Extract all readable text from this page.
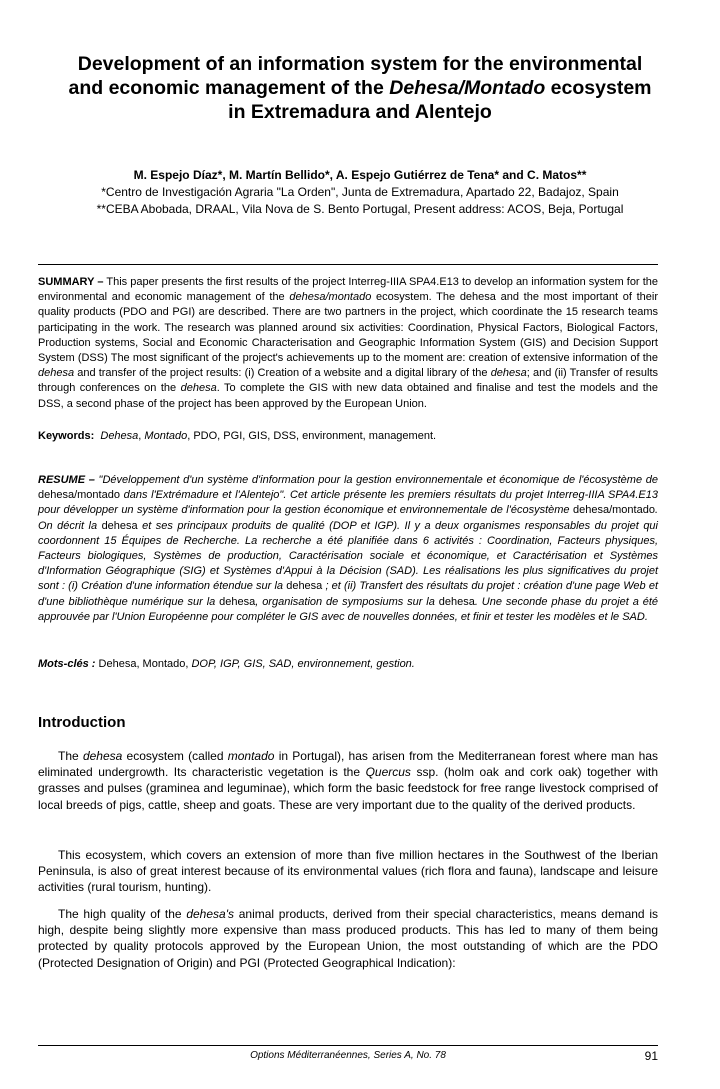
Development of an information system for the environmental
and economic management of the Dehesa/Montado ecosystem
in Extremadura and Alentejo
M. Espejo Díaz*, M. Martín Bellido*, A. Espejo Gutiérrez de Tena* and C. Matos**
*Centro de Investigación Agraria "La Orden", Junta de Extremadura, Apartado 22, Badajoz, Spain
**CEBA Abobada, DRAAL, Vila Nova de S. Bento Portugal, Present address: ACOS, Beja, Portugal
SUMMARY – This paper presents the first results of the project Interreg-IIIA SPA4.E13 to develop an information system for the environmental and economic management of the dehesa/montado ecosystem. The dehesa and the most important of their quality products (PDO and PGI) are described. There are two partners in the project, which coordinate the 15 research teams participating in the work. The research was planned around six activities: Coordination, Physical Factors, Biological Factors, Production systems, Social and Economic Characterisation and Geographic Information System (GIS) and Decision Support System (DSS) The most significant of the project's achievements up to the moment are: creation of extensive information of the dehesa and transfer of the project results: (i) Creation of a website and a digital library of the dehesa; and (ii) Transfer of results through conferences on the dehesa. To complete the GIS with new data obtained and finalise and test the models and the DSS, a second phase of the project has been approved by the European Union.
Keywords: Dehesa, Montado, PDO, PGI, GIS, DSS, environment, management.
RESUME – "Développement d'un système d'information pour la gestion environnementale et économique de l'écosystème de dehesa/montado dans l'Extrémadure et l'Alentejo". Cet article présente les premiers résultats du projet Interreg-IIIA SPA4.E13 pour développer un système d'information pour la gestion économique et environnementale de l'écosystème dehesa/montado. On décrit la dehesa et ses principaux produits de qualité (DOP et IGP). Il y a deux organismes responsables du projet qui coordonnent 15 Équipes de Recherche. La recherche a été planifiée dans 6 activités : Coordination, Facteurs physiques, Facteurs biologiques, Systèmes de production, Caractérisation sociale et économique, et Caractérisation et Systèmes d'Information Géographique (SIG) et Systèmes d'Appui à la Décision (SAD). Les réalisations les plus significatives du projet sont : (i) Création d'une information étendue sur la dehesa ; et (ii) Transfert des résultats du projet : création d'une page Web et d'une bibliothèque numérique sur la dehesa, organisation de symposiums sur la dehesa. Une seconde phase du projet a été approuvée par l'Union Européenne pour compléter le GIS avec de nouvelles données, et finir et tester les modèles et le SAD.
Mots-clés : Dehesa, Montado, DOP, IGP, GIS, SAD, environnement, gestion.
Introduction
The dehesa ecosystem (called montado in Portugal), has arisen from the Mediterranean forest where man has eliminated undergrowth. Its characteristic vegetation is the Quercus ssp. (holm oak and cork oak) together with grasses and pulses (graminea and leguminae), which form the basic feedstock for free range livestock comprised of local breeds of pigs, cattle, sheep and goats. These are very important due to the quality of the derived products.
This ecosystem, which covers an extension of more than five million hectares in the Southwest of the Iberian Peninsula, is also of great interest because of its environmental values (rich flora and fauna), landscape and leisure activities (rural tourism, hunting).
The high quality of the dehesa's animal products, derived from their special characteristics, means demand is high, despite being slightly more expensive than mass produced products. This has led to many of them being protected by quality protocols approved by the European Union, the most outstanding of which are the PDO (Protected Designation of Origin) and PGI (Protected Geographical Indication):
Options Méditerranéennes, Series A, No. 78	91
